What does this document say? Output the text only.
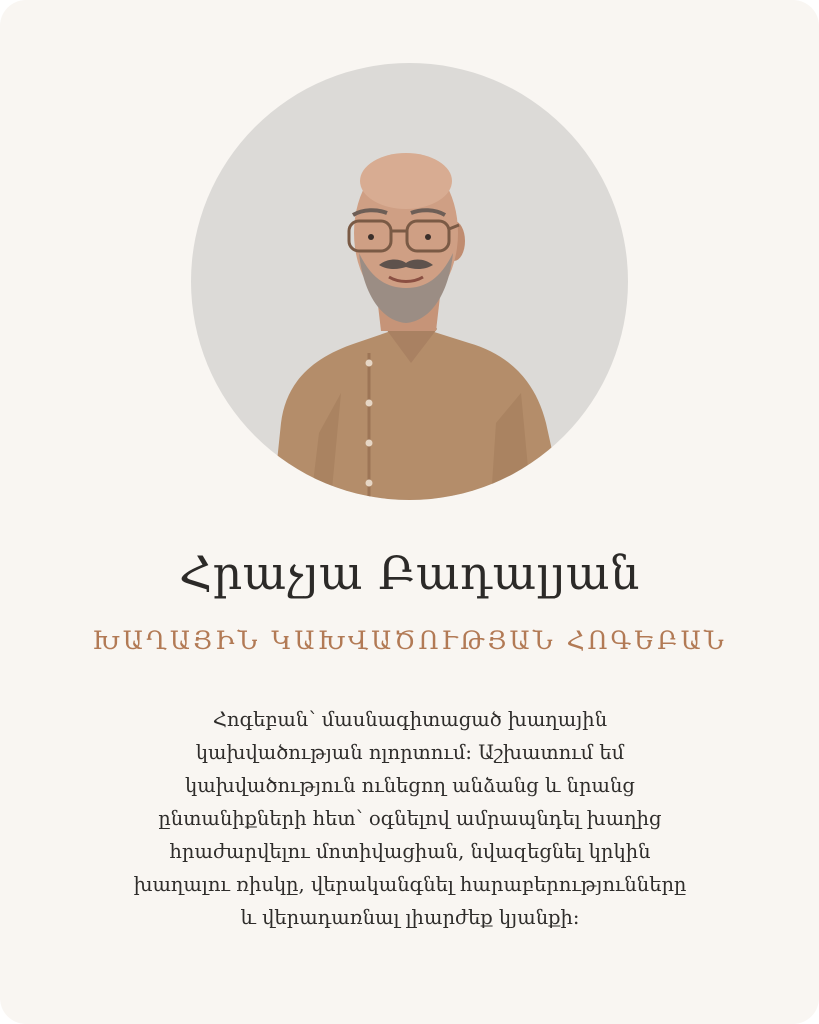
Հրաչյա Բադալյան
ԽԱՂԱՅԻՆ ԿԱԽՎԱԾՈՒԹՅԱՆ ՀՈԳԵԲԱՆ
Հոգեբան՝ մասնագիտացած խաղային
կախվածության ոլորտում: Աշխատում եմ
կախվածություն ունեցող անձանց և նրանց
ընտանիքների հետ՝ օգնելով ամրապնդել խաղից
հրաժարվելու մոտիվացիան, նվազեցնել կրկին
խաղալու ռիսկը, վերականգնել հարաբերությունները
և վերադառնալ լիարժեք կյանքի:
